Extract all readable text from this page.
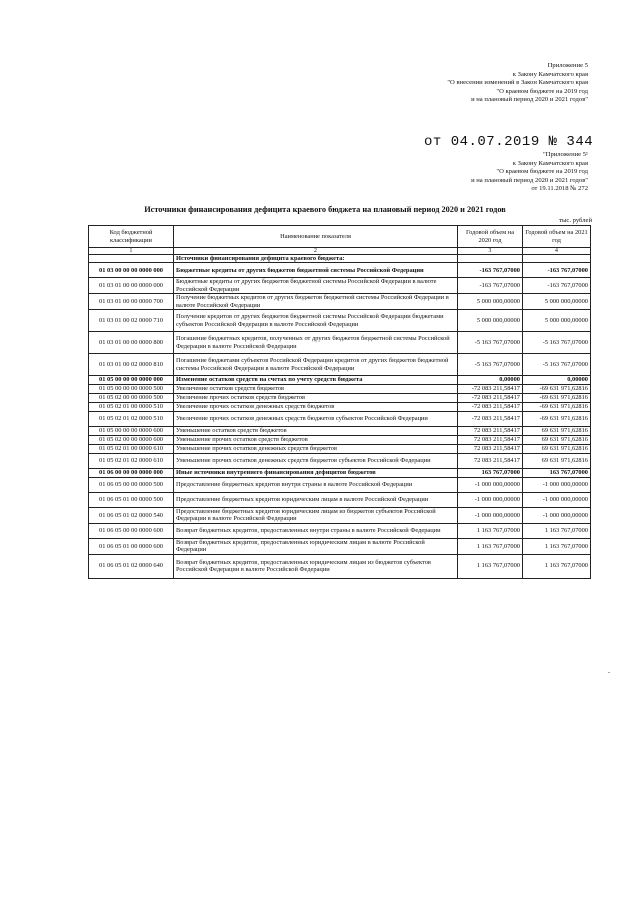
Приложение 5
к Закону Камчатского края
"О внесении изменений в Закон Камчатского края
"О краевом бюджете на 2019 год
и на плановый период 2020 и 2021 годов"
от 04.07.2019 № 344
"Приложение 5¹
к Закону Камчатского края
"О краевом бюджете на 2019 год
и на плановый период 2020 и 2021 годов"
от 19.11.2018 № 272
Источники финансирования дефицита краевого бюджета на плановый период 2020 и 2021 годов
тыс. рублей
Код бюджетной классификации	Наименование показателя	Годовой объем на 2020 год	Годовой объем на 2021 год
1	2	3	4
	Источники финансирования дефицита краевого бюджета:		
01 03 00 00 00 0000 000	Бюджетные кредиты от других бюджетов бюджетной системы Российской Федерации	-163 767,07000	-163 767,07000
01 03 01 00 00 0000 000	Бюджетные кредиты от других бюджетов бюджетной системы Российской Федерации в валюте Российской Федерации	-163 767,07000	-163 767,07000
01 03 01 00 00 0000 700	Получение бюджетных кредитов от других бюджетов бюджетной системы Российской Федерации в валюте Российской Федерации	5 000 000,00000	5 000 000,00000
01 03 01 00 02 0000 710	Получение кредитов от других бюджетов бюджетной системы Российской Федерации бюджетами субъектов Российской Федерации в валюте Российской Федерации	5 000 000,00000	5 000 000,00000
01 03 01 00 00 0000 800	Погашение бюджетных кредитов, полученных от других бюджетов бюджетной системы Российской Федерации в валюте Российской Федерации	-5 163 767,07000	-5 163 767,07000
01 03 01 00 02 0000 810	Погашение бюджетами субъектов Российской Федерации кредитов от других бюджетов бюджетной системы Российской Федерации в валюте Российской Федерации	-5 163 767,07000	-5 163 767,07000
01 05 00 00 00 0000 000	Изменение остатков средств на счетах по учету средств бюджета	0,00000	0,00000
01 05 00 00 00 0000 500	Увеличение остатков средств бюджетов	-72 083 211,58417	-69 631 971,62816
01 05 02 00 00 0000 500	Увеличение прочих остатков средств бюджетов	-72 083 211,58417	-69 631 971,62816
01 05 02 01 00 0000 510	Увеличение прочих остатков денежных средств бюджетов	-72 083 211,58417	-69 631 971,62816
01 05 02 01 02 0000 510	Увеличение прочих остатков денежных средств бюджетов субъектов Российской Федерации	-72 083 211,58417	-69 631 971,62816
01 05 00 00 00 0000 600	Уменьшение остатков средств бюджетов	72 083 211,58417	69 631 971,62816
01 05 02 00 00 0000 600	Уменьшение прочих остатков средств бюджетов	72 083 211,58417	69 631 971,62816
01 05 02 01 00 0000 610	Уменьшение прочих остатков денежных средств бюджетов	72 083 211,58417	69 631 971,62816
01 05 02 01 02 0000 610	Уменьшение прочих остатков денежных средств бюджетов субъектов Российской Федерации	72 083 211,58417	69 631 971,62816
01 06 00 00 00 0000 000	Иные источники внутреннего финансирования дефицитов бюджетов	163 767,07000	163 767,07000
01 06 05 00 00 0000 500	Предоставление бюджетных кредитов внутри страны в валюте Российской Федерации	-1 000 000,00000	-1 000 000,00000
01 06 05 01 00 0000 500	Предоставление бюджетных кредитов юридическим лицам в валюте Российской Федерации	-1 000 000,00000	-1 000 000,00000
01 06 05 01 02 0000 540	Предоставление бюджетных кредитов юридическим лицам из бюджетов субъектов Российской Федерации в валюте Российской Федерации	-1 000 000,00000	-1 000 000,00000
01 06 05 00 00 0000 600	Возврат бюджетных кредитов, предоставленных внутри страны в валюте Российской Федерации	1 163 767,07000	1 163 767,07000
01 06 05 01 00 0000 600	Возврат бюджетных кредитов, предоставленных юридическим лицам в валюте Российской Федерации	1 163 767,07000	1 163 767,07000
01 06 05 01 02 0000 640	Возврат бюджетных кредитов, предоставленных юридическим лицам из бюджетов субъектов Российской Федерации в валюте Российской Федерации	1 163 767,07000	1 163 767,07000
-
